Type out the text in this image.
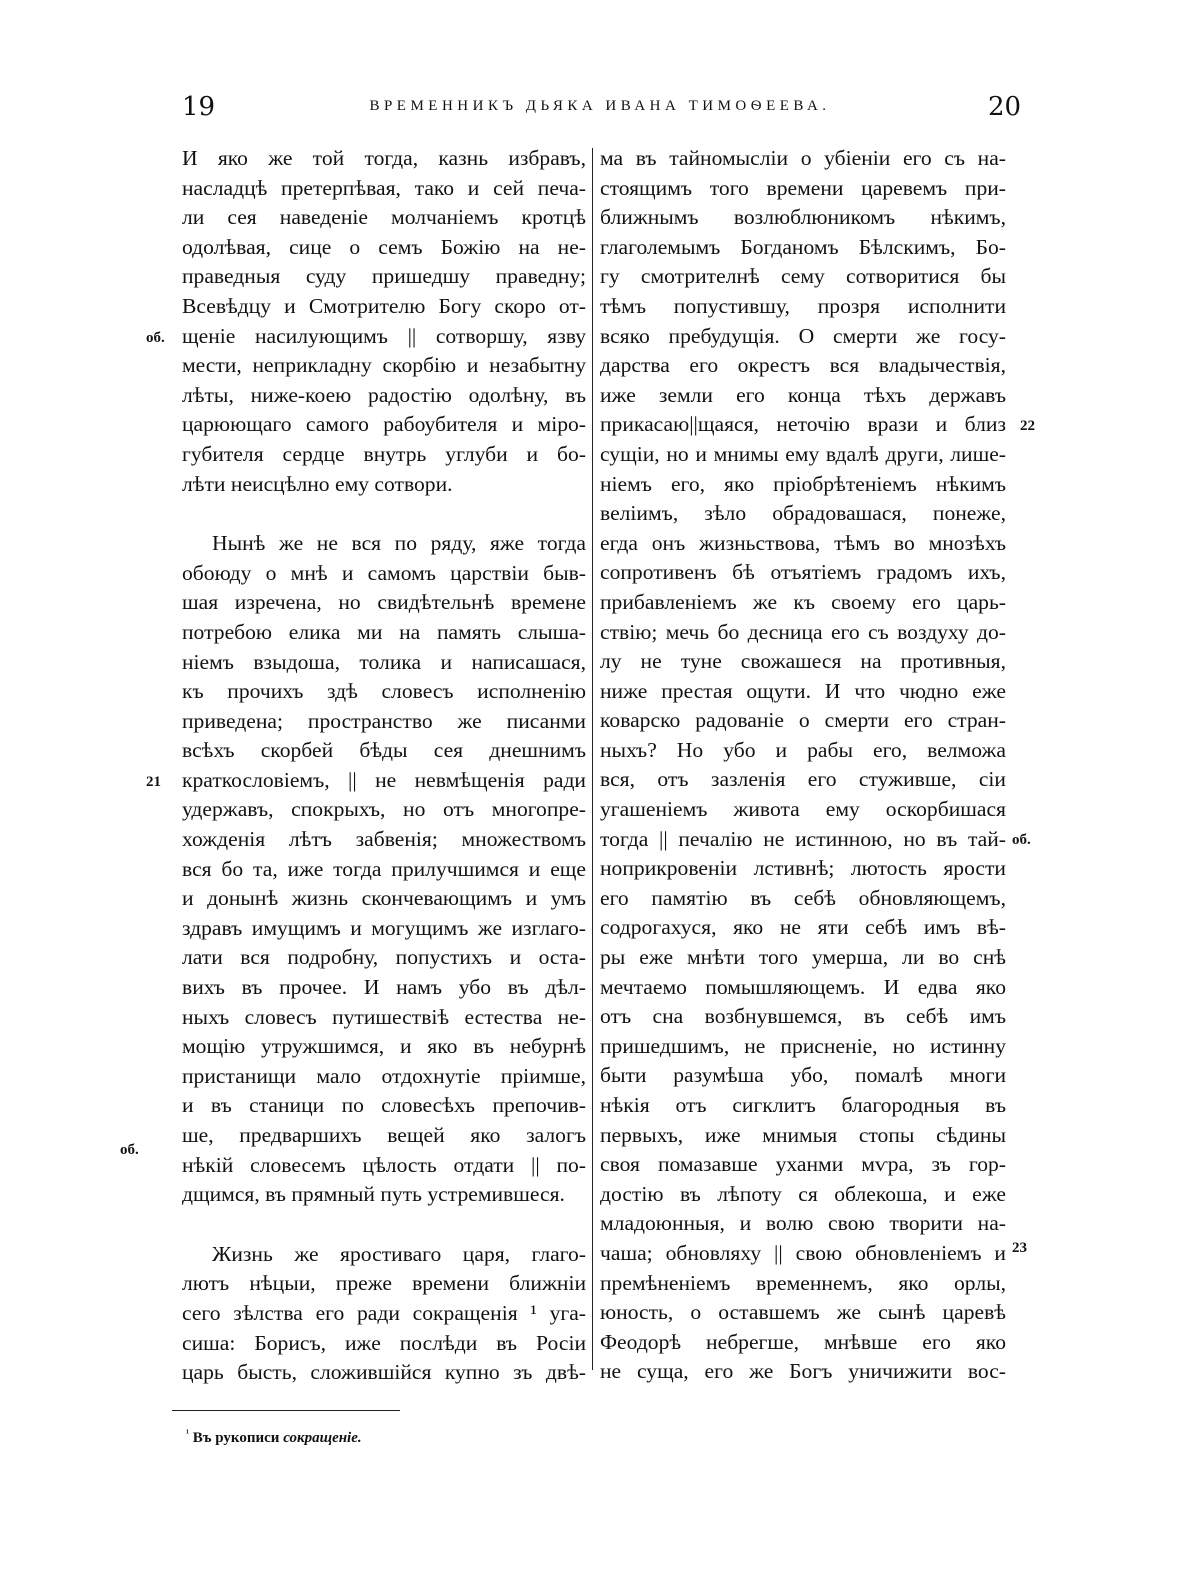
19	ВРЕМЕННИКЪ ДЬЯКА ИВАНА ТИМОѲЕЕВА.	20
И яко же той тогда, казнь избравъ,
насладцѣ претерпѣвая, тако и сей печа-
ли сея наведеніе молчаніемъ кротцѣ
одолѣвая, сице о семъ Божію на не-
праведныя суду пришедшу праведну;
Всевѣдцу и Смотрителю Богу скоро от-
щеніе насилующимъ || сотворшу, язву
мести, неприкладну скорбію и незабытну
лѣты, ниже-коею радостію одолѣну, въ
царюющаго самого рабоубителя и міро-
губителя сердце внутрь углуби и бо-
лѣти неисцѣлно ему сотвори.
Нынѣ же не вся по ряду, яже тогда
обоюду о мнѣ и самомъ царствіи быв-
шая изречена, но свидѣтельнѣ времене
потребою елика ми на память слыша-
ніемъ взыдоша, толика и написашася,
къ прочихъ здѣ словесъ исполненію
приведена; пространство же писанми
всѣхъ скорбей бѣды сея днешнимъ
краткословіемъ, || не невмѣщенія ради
удержавъ, спокрыхъ, но отъ многопре-
хожденія лѣтъ забвенія; множествомъ
вся бо та, иже тогда прилучшимся и еще
и донынѣ жизнь скончевающимъ и умъ
здравъ имущимъ и могущимъ же изглаго-
лати вся подробну, попустихъ и оста-
вихъ въ прочее. И намъ убо въ дѣл-
ныхъ словесъ путишествіѣ естества не-
мощію утружшимся, и яко въ небурнѣ
пристанищи мало отдохнутіе пріимше,
и въ станици по словесѣхъ препочив-
ше, предваршихъ вещей яко залогъ
нѣкій словесемъ цѣлость отдати || по-
дщимся, въ прямный путь устремившеся.
Жизнь же яростиваго царя, глаго-
лютъ нѣцыи, преже времени ближніи
сего зѣлства его ради сокращенія ¹ уга-
сиша: Борисъ, иже послѣди въ Росіи
царь бысть, сложившійся купно зъ двѣ-
ма въ тайномысліи о убіеніи его съ на-
стоящимъ того времени царевемъ при-
ближнымъ возлюблюникомъ нѣкимъ,
глаголемымъ Богданомъ Бѣлскимъ, Бо-
гу смотрителнѣ сему сотворитися бы
тѣмъ попустившу, прозря исполнити
всяко пребудущія. О смерти же госу-
дарства его окрестъ вся владычествія,
иже земли его конца тѣхъ державъ
прикасаю||щаяся, неточію врази и близ
сущіи, но и мнимы ему вдалѣ други, лише-
ніемъ его, яко пріобрѣтеніемъ нѣкимъ
веліимъ, зѣло обрадовашася, понеже,
егда онъ жизньствова, тѣмъ во мнозѣхъ
сопротивенъ бѣ отъятіемъ градомъ ихъ,
прибавленіемъ же къ своему его царь-
ствію; мечь бо десница его съ воздуху до-
лу не туне свожашеся на противныя,
ниже престая ощути. И что чюдно еже
коварско радованіе о смерти его стран-
ныхъ? Но убо и рабы его, велможа
вся, отъ зазленія его стуживше, сіи
угашеніемъ живота ему оскорбишася
тогда || печалію не истинною, но въ тай-
ноприкровеніи лстивнѣ; лютость ярости
его памятію въ себѣ обновляющемъ,
содрогахуся, яко не яти себѣ имъ вѣ-
ры еже мнѣти того умерша, ли во снѣ
мечтаемо помышляющемъ. И едва яко
отъ сна возбнувшемся, въ себѣ имъ
пришедшимъ, не присненіе, но истинну
быти разумѣша убо, помалѣ многи
нѣкія отъ сигклитъ благородныя въ
первыхъ, иже мнимыя стопы сѣдины
своя помазавше уханми мѵра, зъ гор-
достію въ лѣпоту ся облекоша, и еже
младоюнныя, и волю свою творити на-
чаша; обновляху || свою обновленіемъ и
премѣненіемъ временнемъ, яко орлы,
юность, о оставшемъ же сынѣ царевѣ
Феодорѣ небрегше, мнѣвше его яко
не суща, его же Богъ уничижити вос-
об.
21
об.
22
об.
23
$^{^1}$ Въ рукописи сокращеніе.
